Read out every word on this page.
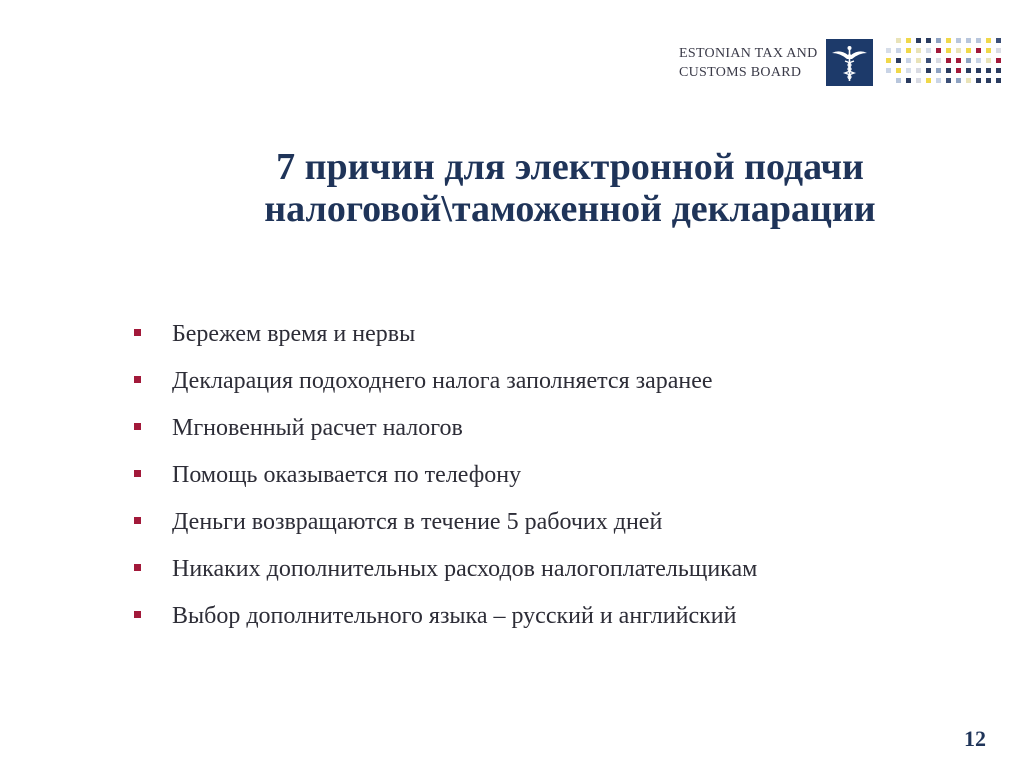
ESTONIAN TAX AND
CUSTOMS BOARD
7 причин для электронной подачи
налоговой\таможенной декларации
Бережем время и нервы
Декларация подоходнего налога заполняется заранее
Мгновенный расчет налогов
Помощь оказывается по телефону
Деньги возвращаются в течение 5 рабочих дней
Никаких дополнительных расходов налогоплательщикам
Выбор дополнительного языка – русский и английский
12
